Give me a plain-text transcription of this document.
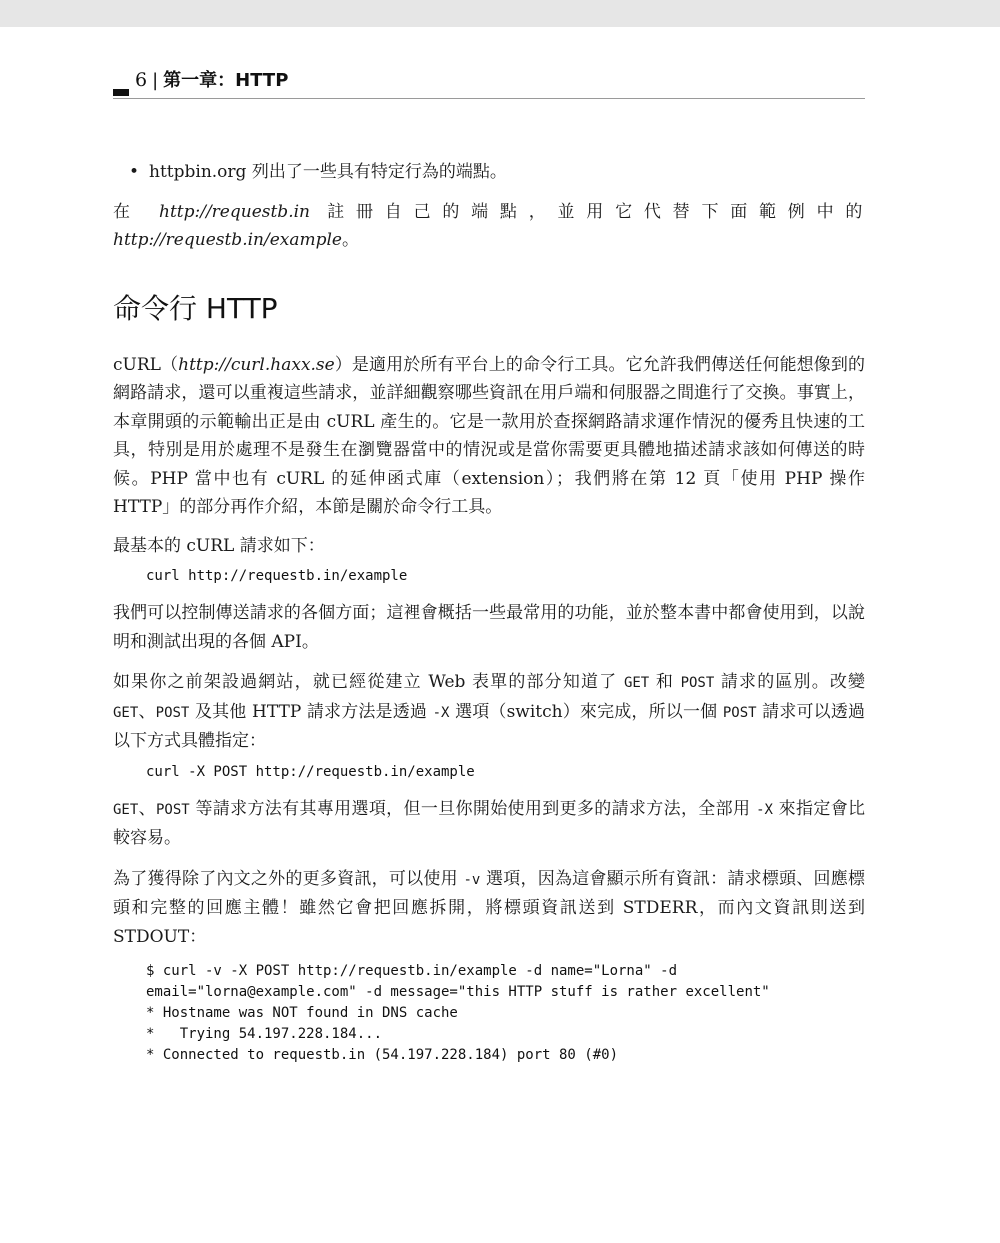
6 | 第一章：HTTP
• httpbin.org 列出了一些具有特定行為的端點。

在 http://requestb.in 註冊自己的端點，並用它代替下面範例中的 http://requestb.in/example。

命令行 HTTP

cURL（http://curl.haxx.se）是適用於所有平台上的命令行工具。它允許我們傳送任何能想像到的網路請求，還可以重複這些請求，並詳細觀察哪些資訊在用戶端和伺服器之間進行了交換。事實上，本章開頭的示範輸出正是由 cURL 產生的。它是一款用於查探網路請求運作情況的優秀且快速的工具，特別是用於處理不是發生在瀏覽器當中的情況或是當你需要更具體地描述請求該如何傳送的時候。PHP 當中也有 cURL 的延伸函式庫（extension）；我們將在第 12 頁「使用 PHP 操作 HTTP」的部分再作介紹，本節是關於命令行工具。

最基本的 cURL 請求如下：

curl http://requestb.in/example

我們可以控制傳送請求的各個方面；這裡會概括一些最常用的功能，並於整本書中都會使用到，以說明和測試出現的各個 API。

如果你之前架設過網站，就已經從建立 Web 表單的部分知道了 GET 和 POST 請求的區別。改變 GET、POST 及其他 HTTP 請求方法是透過 -X 選項（switch）來完成，所以一個 POST 請求可以透過以下方式具體指定：

curl -X POST http://requestb.in/example

GET、POST 等請求方法有其專用選項，但一旦你開始使用到更多的請求方法，全部用 -X 來指定會比較容易。

為了獲得除了內文之外的更多資訊，可以使用 -v 選項，因為這會顯示所有資訊：請求標頭、回應標頭和完整的回應主體！雖然它會把回應拆開，將標頭資訊送到 STDERR，而內文資訊則送到 STDOUT：

$ curl -v -X POST http://requestb.in/example -d name="Lorna" -d
email="lorna@example.com" -d message="this HTTP stuff is rather excellent"
* Hostname was NOT found in DNS cache
*   Trying 54.197.228.184...
* Connected to requestb.in (54.197.228.184) port 80 (#0)
